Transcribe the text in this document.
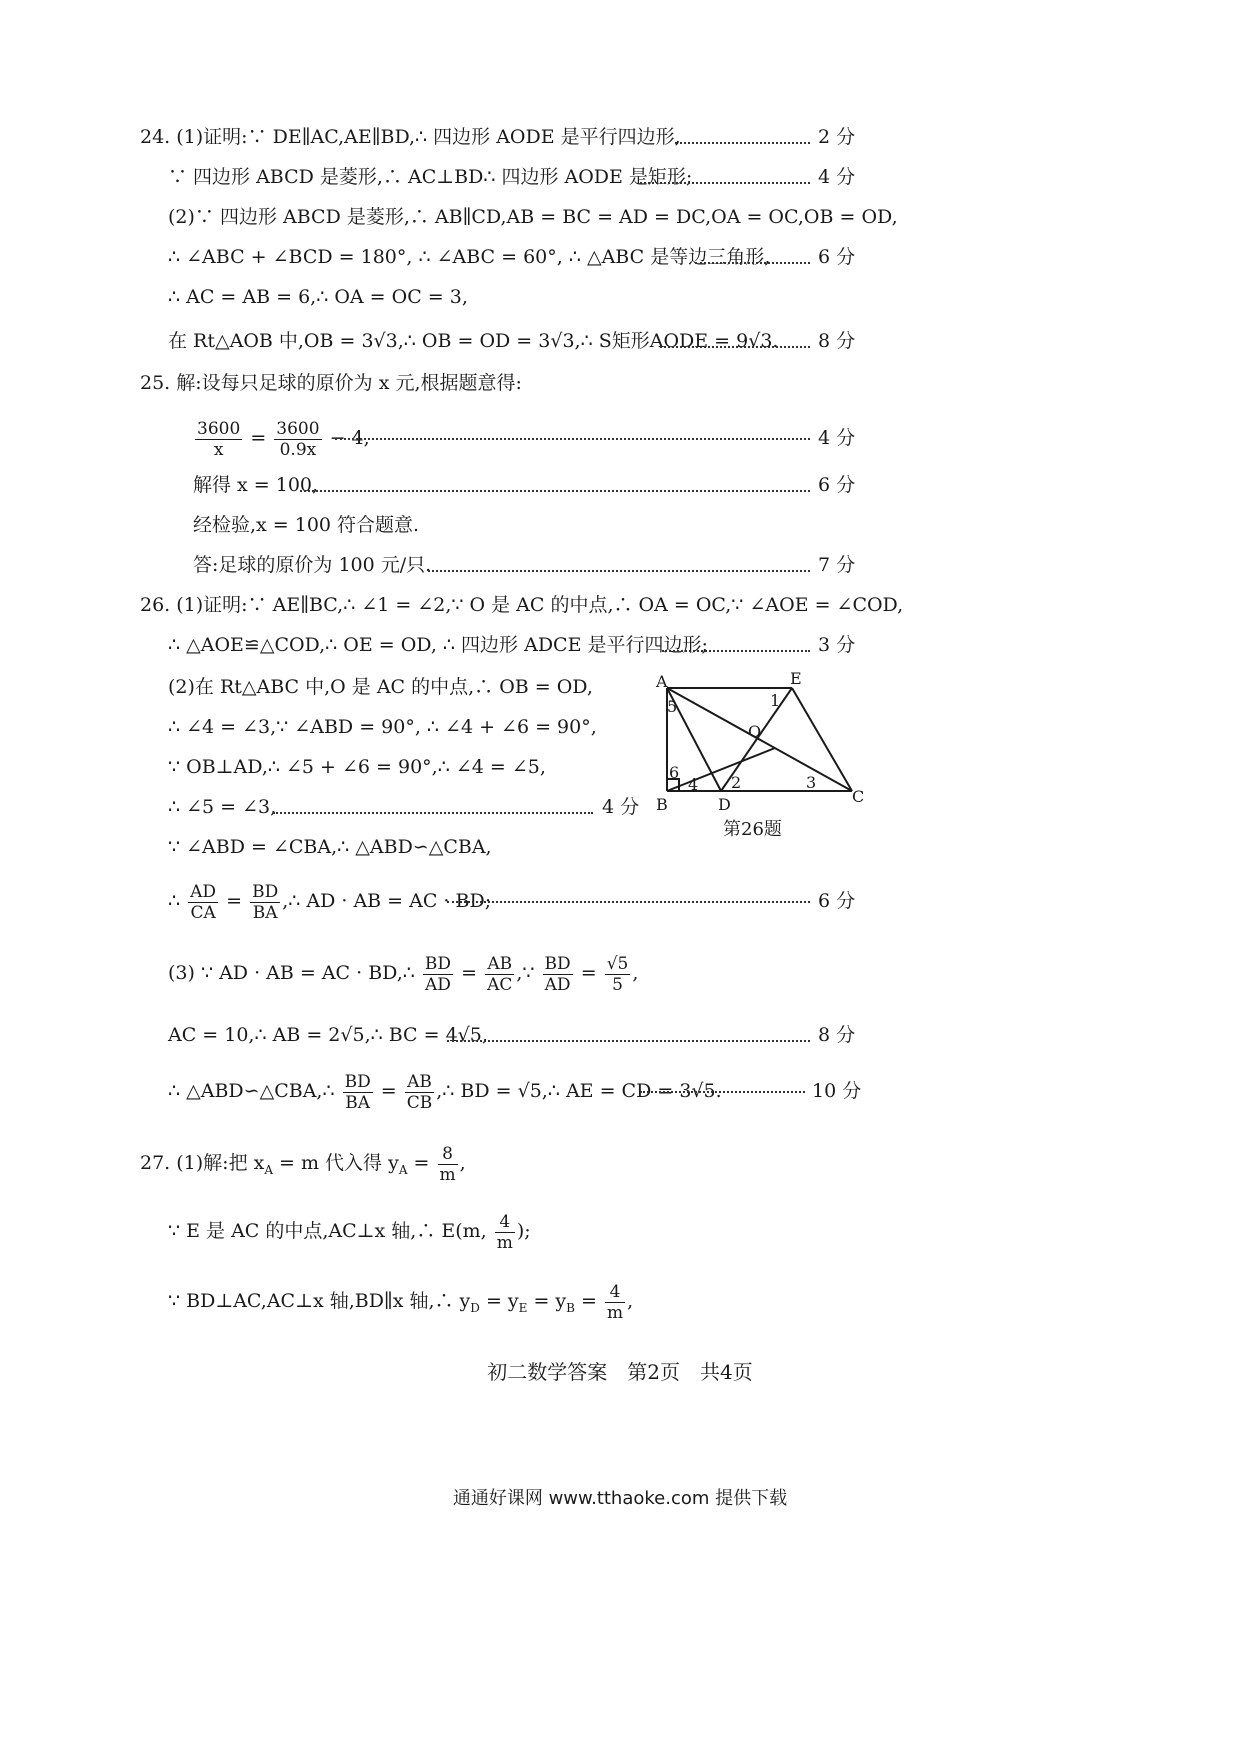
24. (1)证明:∵ DE∥AC,AE∥BD,∴ 四边形 AODE 是平行四边形,	2 分
∵ 四边形 ABCD 是菱形,∴ AC⊥BD∴ 四边形 AODE 是矩形;	4 分
(2)∵ 四边形 ABCD 是菱形,∴ AB∥CD,AB = BC = AD = DC,OA = OC,OB = OD,
∴ ∠ABC + ∠BCD = 180°, ∴ ∠ABC = 60°, ∴ △ABC 是等边三角形,	6 分
∴ AC = AB = 6,∴ OA = OC = 3,
在 Rt△AOB 中,OB = 3√3,∴ OB = OD = 3√3,∴ S矩形AODE = 9√3. 8 分
25. 解:设每只足球的原价为 x 元,根据题意得:
$\frac{3600}{x} = \frac{3600}{0.9x} - 4$,	4 分
解得 x = 100,	6 分
经检验,x = 100 符合题意.
答:足球的原价为 100 元/只.	7 分
26. (1)证明:∵ AE∥BC,∴ ∠1 = ∠2,∵ O 是 AC 的中点,∴ OA = OC,∵ ∠AOE = ∠COD,
∴ △AOE≌△COD,∴ OE = OD, ∴ 四边形 ADCE 是平行四边形;	3 分
(2)在 Rt△ABC 中,O 是 AC 的中点,∴ OB = OD,
∴ ∠4 = ∠3,∵ ∠ABD = 90°, ∴ ∠4 + ∠6 = 90°,
∵ OB⊥AD,∴ ∠5 + ∠6 = 90°,∴ ∠4 = ∠5,
∴ ∠5 = ∠3,	4 分
∵ ∠ABD = ∠CBA,∴ △ABD∽△CBA,
A	E
O
B	D	C
1
2	3
4
5
6
第26题
∴ $\frac{AD}{CA} = \frac{BD}{BA}$ ,∴ AD · AB = AC · BD;	6 分
(3) ∵ AD · AB = AC · BD,∴ $\frac{BD}{AD} = \frac{AB}{AC}$ ,∵ $\frac{BD}{AD} = \frac{√5}{5}$ ,
AC = 10,∴ AB = 2√5,∴ BC = 4√5,	8 分
∴ △ABD∽△CBA,∴ $\frac{BD}{BA} = \frac{AB}{CB}$ ,∴ BD = √5,∴ AE = CD = 3√5.	10 分
27. (1)解:把 $x_A = m$ 代入得 $y_A = \frac{8}{m}$ ,
∵ E 是 AC 的中点,AC⊥x 轴,∴ E(m, $\frac{4}{m}$ );
∵ BD⊥AC,AC⊥x 轴,BD∥x 轴,∴ $y_D = y_E = y_B = \frac{4}{m}$ ,
初二数学答案　第2页　共4页
通通好课网 www.tthaoke.com 提供下载
